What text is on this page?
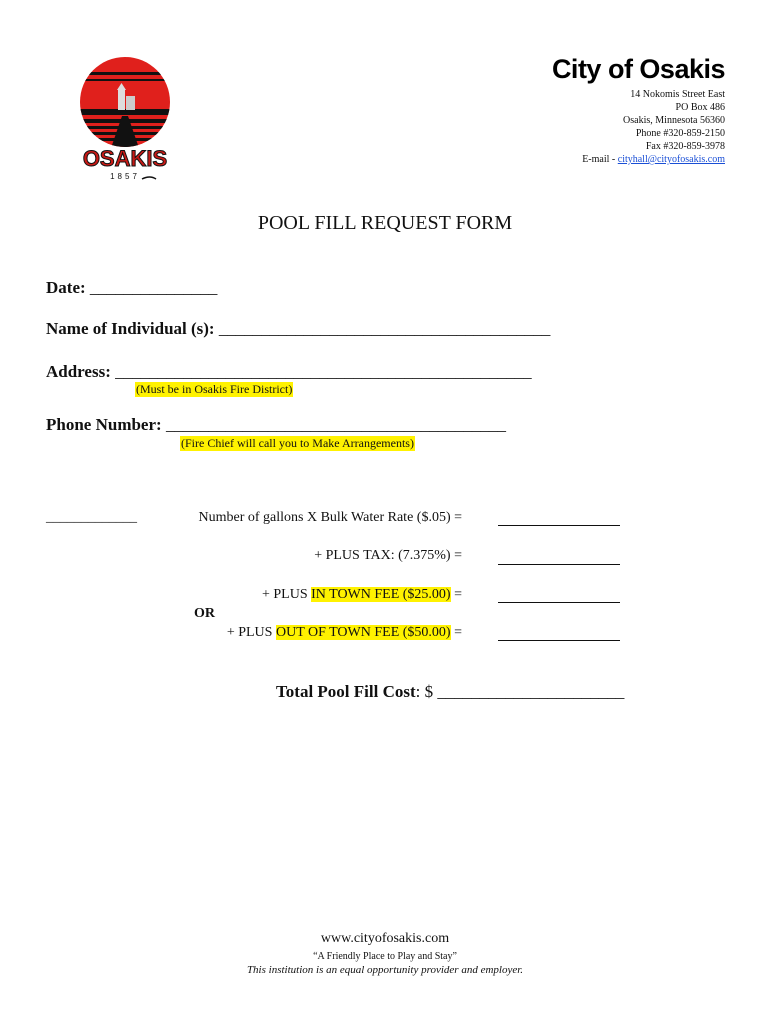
OSAKIS
1857
City of Osakis
14 Nokomis Street East
PO Box 486
Osakis, Minnesota 56360
Phone #320-859-2150
Fax #320-859-3978
E-mail - cityhall@cityofosakis.com
POOL FILL REQUEST FORM
Date: _______________
Name of Individual (s): _______________________________________
Address: _________________________________________________
(Must be in Osakis Fire District)
Phone Number: ________________________________________
(Fire Chief will call you to Make Arrangements)
_____________	Number of gallons X Bulk Water Rate ($.05) =
+ PLUS TAX: (7.375%) =
+ PLUS IN TOWN FEE ($25.00) =
OR
+ PLUS OUT OF TOWN FEE ($50.00) =
Total Pool Fill Cost: $ ______________________
www.cityofosakis.com
“A Friendly Place to Play and Stay”
This institution is an equal opportunity provider and employer.
